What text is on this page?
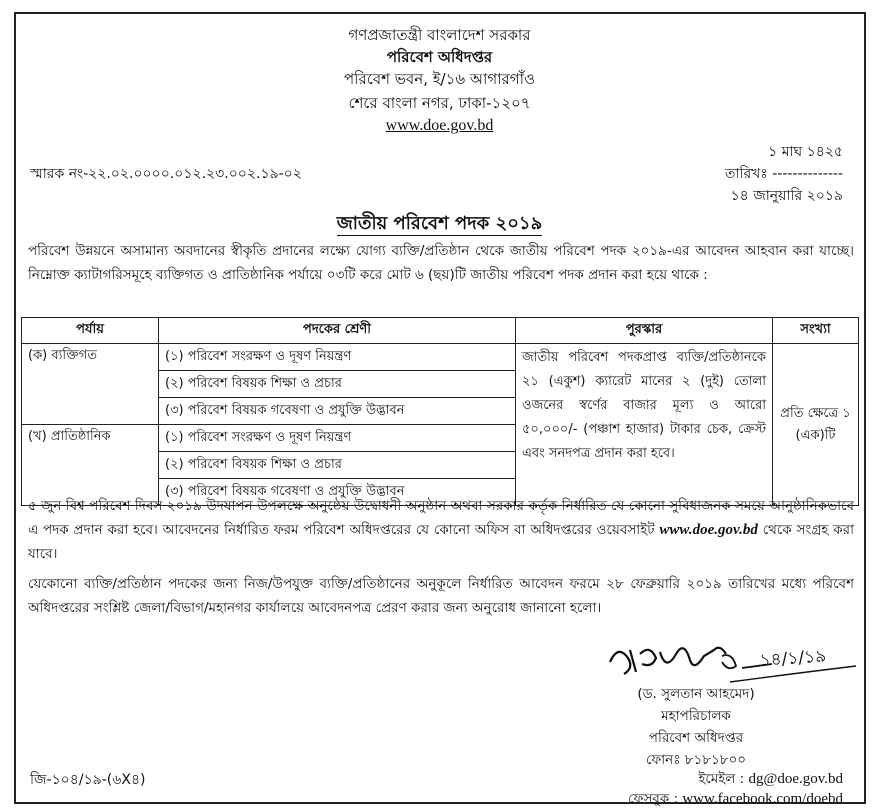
গণপ্রজাতন্ত্রী বাংলাদেশ সরকার
পরিবেশ অধিদপ্তর
পরিবেশ ভবন, ই/১৬ আগারগাঁও
শেরে বাংলা নগর, ঢাকা-১২০৭
www.doe.gov.bd
১ মাঘ ১৪২৫
স্মারক নং-২২.০২.০০০০.০১২.২৩.০০২.১৯-০২	তারিখঃ --------------
১৪ জানুয়ারি ২০১৯
জাতীয় পরিবেশ পদক ২০১৯
পরিবেশ উন্নয়নে অসামান্য অবদানের স্বীকৃতি প্রদানের লক্ষ্যে যোগ্য ব্যক্তি/প্রতিষ্ঠান থেকে জাতীয় পরিবেশ পদক ২০১৯-এর আবেদন আহবান করা যাচ্ছে। নিম্নোক্ত ক্যাটাগরিসমূহে ব্যক্তিগত ও প্রাতিষ্ঠানিক পর্যায়ে ০৩টি করে মোট ৬ (ছয়)টি জাতীয় পরিবেশ পদক প্রদান করা হয়ে থাকে :
পর্যায়	পদকের শ্রেণী	পুরস্কার	সংখ্যা
(ক) ব্যক্তিগত	(১) পরিবেশ সংরক্ষণ ও দূষণ নিয়ন্ত্রণ	জাতীয় পরিবেশ পদকপ্রাপ্ত ব্যক্তি/প্রতিষ্ঠানকে ২১ (একুশ) ক্যারেট মানের ২ (দুই) তোলা ওজনের স্বর্ণের বাজার মূল্য ও আরো ৫০,০০০/- (পঞ্চাশ হাজার) টাকার চেক, ক্রেস্ট এবং সনদপত্র প্রদান করা হবে।	প্রতি ক্ষেত্রে ১ (এক)টি
	(২) পরিবেশ বিষয়ক শিক্ষা ও প্রচার		
	(৩) পরিবেশ বিষয়ক গবেষণা ও প্রযুক্তি উদ্ভাবন		
(খ) প্রাতিষ্ঠানিক	(১) পরিবেশ সংরক্ষণ ও দূষণ নিয়ন্ত্রণ		
	(২) পরিবেশ বিষয়ক শিক্ষা ও প্রচার		
	(৩) পরিবেশ বিষয়ক গবেষণা ও প্রযুক্তি উদ্ভাবন		
৫ জুন বিশ্ব পরিবেশ দিবস ২০১৯ উদযাপন উপলক্ষে অনুষ্ঠেয় উদ্বোধনী অনুষ্ঠান অথবা সরকার কর্তৃক নির্ধারিত যে কোনো সুবিধাজনক সময়ে আনুষ্ঠানিকভাবে এ পদক প্রদান করা হবে। আবেদনের নির্ধারিত ফরম পরিবেশ অধিদপ্তরের যে কোনো অফিস বা অধিদপ্তরের ওয়েবসাইট www.doe.gov.bd থেকে সংগ্রহ করা যাবে।
যেকোনো ব্যক্তি/প্রতিষ্ঠান পদকের জন্য নিজ/উপযুক্ত ব্যক্তি/প্রতিষ্ঠানের অনুকূলে নির্ধারিত আবেদন ফরমে ২৮ ফেব্রুয়ারি ২০১৯ তারিখের মধ্যে পরিবেশ অধিদপ্তরের সংশ্লিষ্ট জেলা/বিভাগ/মহানগর কার্যালয়ে আবেদনপত্র প্রেরণ করার জন্য অনুরোধ জানানো হলো।
১৪/১/১৯
(ড. সুলতান আহমেদ)
মহাপরিচালক
পরিবেশ অধিদপ্তর
ফোনঃ ৮১৮১৮০০
ইমেইল : dg@doe.gov.bd
ফেসবুক : www.facebook.com/doebd
জি-১০৪/১৯-(৬X৪)
